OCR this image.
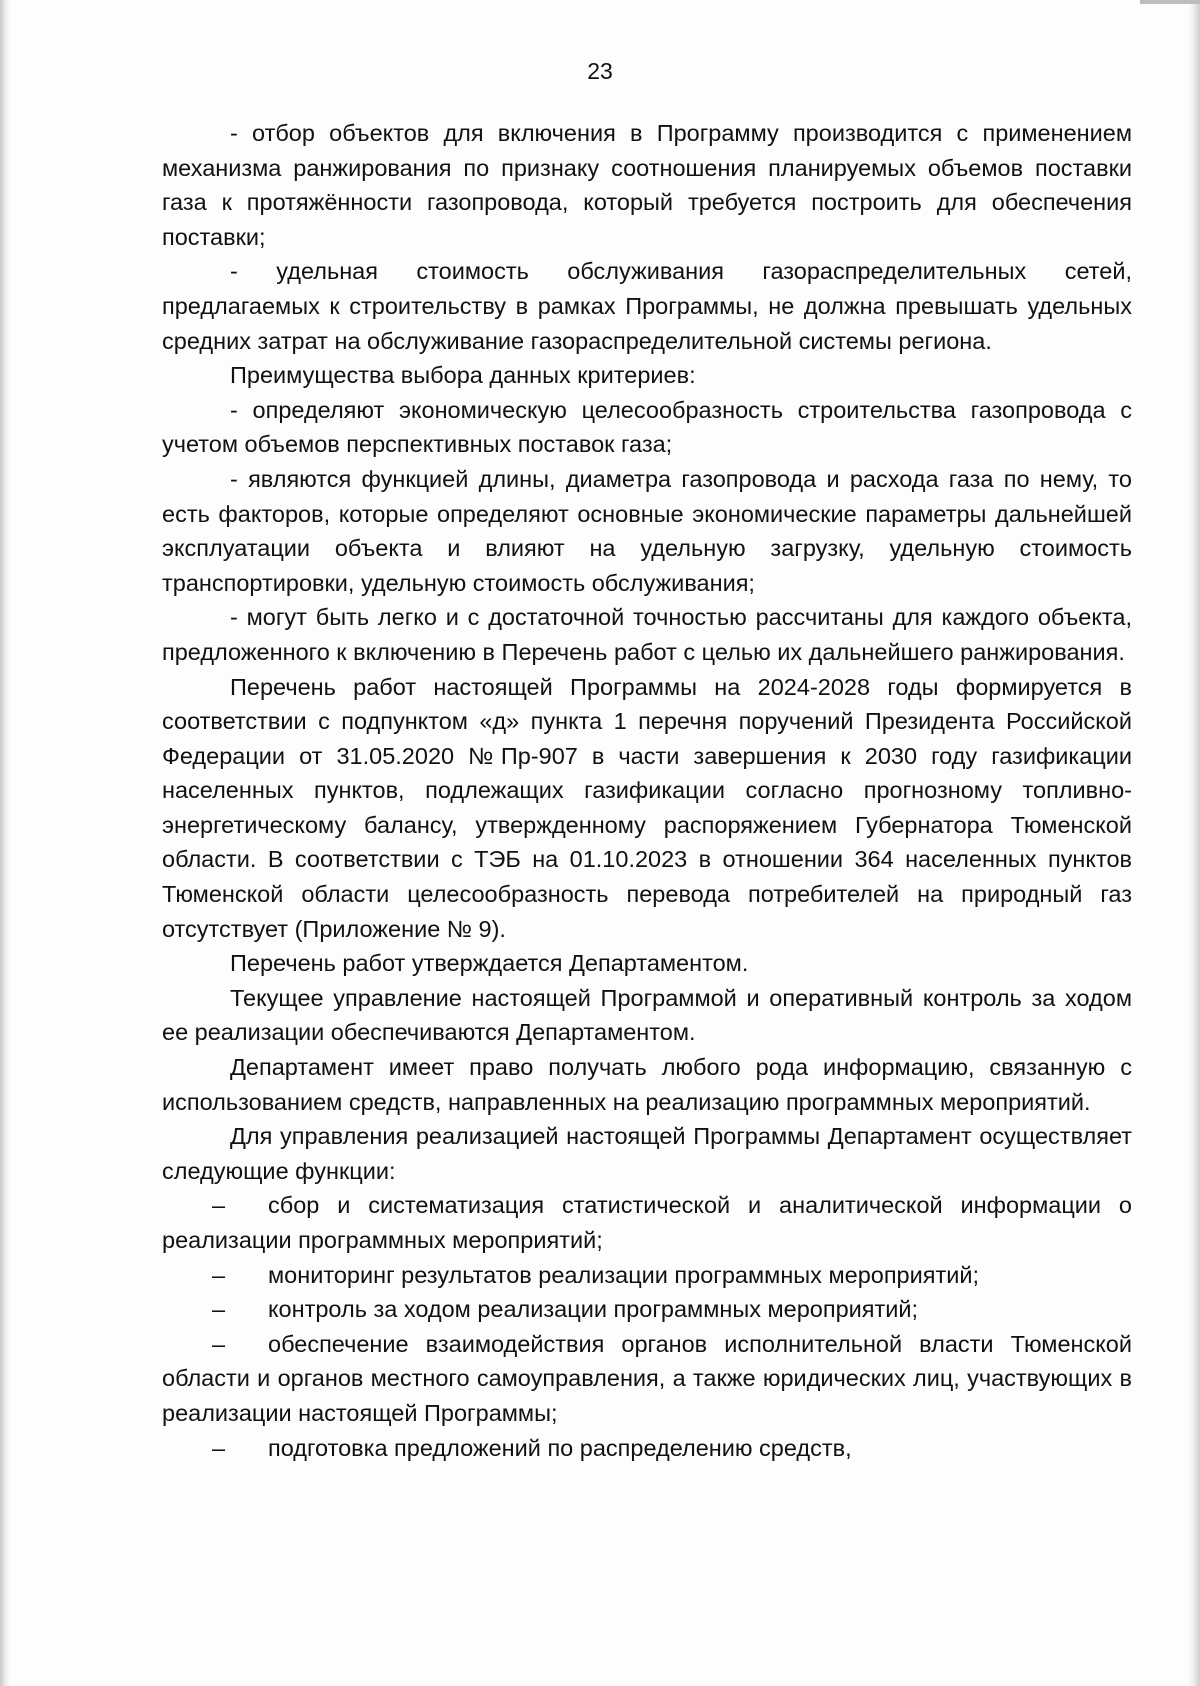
23

- отбор объектов для включения в Программу производится с применением механизма ранжирования по признаку соотношения планируемых объемов поставки газа к протяжённости газопровода, который требуется построить для обеспечения поставки;

- удельная стоимость обслуживания газораспределительных сетей, предлагаемых к строительству в рамках Программы, не должна превышать удельных средних затрат на обслуживание газораспределительной системы региона.

Преимущества выбора данных критериев:

- определяют экономическую целесообразность строительства газопровода с учетом объемов перспективных поставок газа;

- являются функцией длины, диаметра газопровода и расхода газа по нему, то есть факторов, которые определяют основные экономические параметры дальнейшей эксплуатации объекта и влияют на удельную загрузку, удельную стоимость транспортировки, удельную стоимость обслуживания;

- могут быть легко и с достаточной точностью рассчитаны для каждого объекта, предложенного к включению в Перечень работ с целью их дальнейшего ранжирования.

Перечень работ настоящей Программы на 2024-2028 годы формируется в соответствии с подпунктом «д» пункта 1 перечня поручений Президента Российской Федерации от 31.05.2020 №Пр-907 в части завершения к 2030 году газификации населенных пунктов, подлежащих газификации согласно прогнозному топливно-энергетическому балансу, утвержденному распоряжением Губернатора Тюменской области. В соответствии с ТЭБ на 01.10.2023 в отношении 364 населенных пунктов Тюменской области целесообразность перевода потребителей на природный газ отсутствует (Приложение № 9).

Перечень работ утверждается Департаментом.

Текущее управление настоящей Программой и оперативный контроль за ходом ее реализации обеспечиваются Департаментом.

Департамент имеет право получать любого рода информацию, связанную с использованием средств, направленных на реализацию программных мероприятий.

Для управления реализацией настоящей Программы Департамент осуществляет следующие функции:

– сбор и систематизация статистической и аналитической информации о реализации программных мероприятий;

– мониторинг результатов реализации программных мероприятий;

– контроль за ходом реализации программных мероприятий;

– обеспечение взаимодействия органов исполнительной власти Тюменской области и органов местного самоуправления, а также юридических лиц, участвующих в реализации настоящей Программы;

– подготовка предложений по распределению средств,
